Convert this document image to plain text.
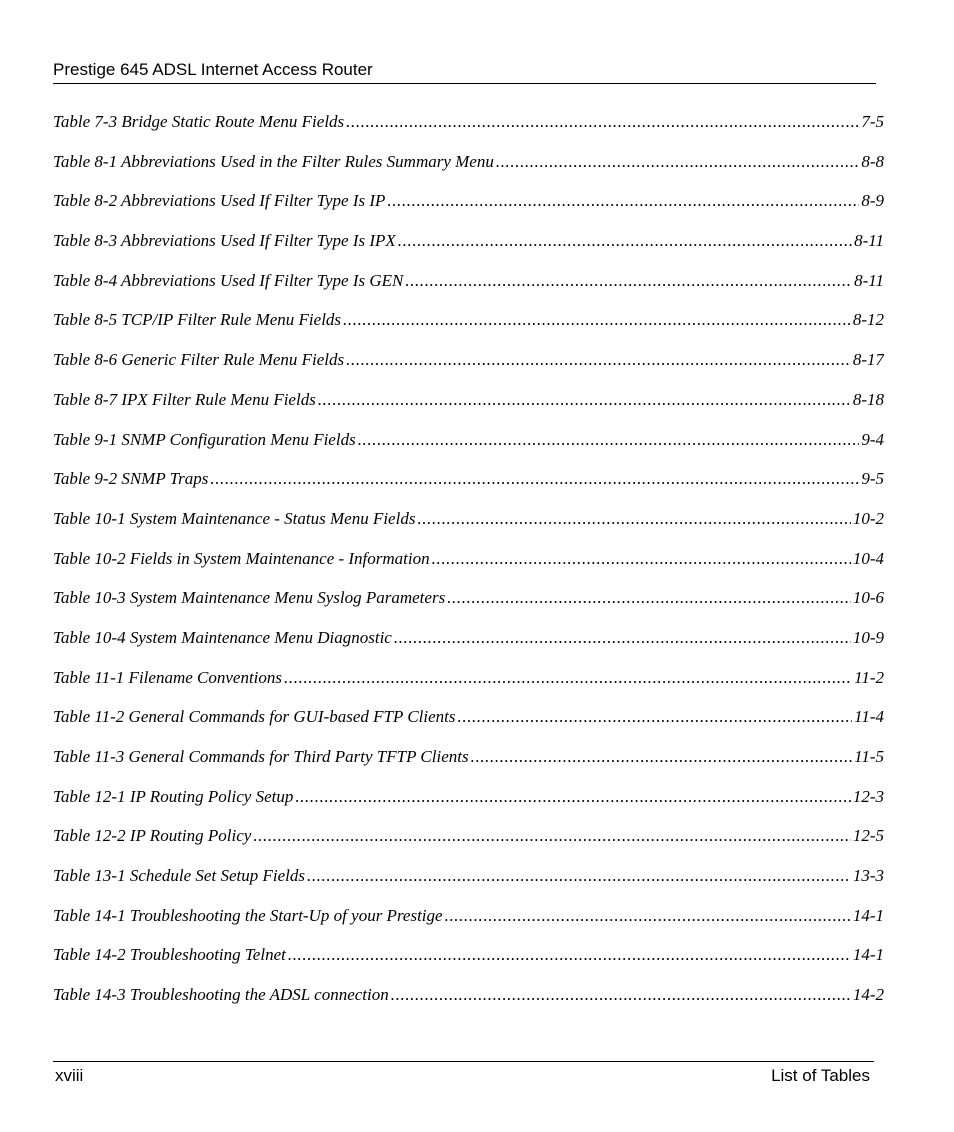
Prestige 645 ADSL Internet Access Router
Table 7-3 Bridge Static Route Menu Fields .....	7-5
Table 8-1 Abbreviations Used in the Filter Rules Summary Menu .....	8-8
Table 8-2 Abbreviations Used If Filter Type Is IP .....	8-9
Table 8-3 Abbreviations Used If Filter Type Is IPX .....	8-11
Table 8-4 Abbreviations Used If Filter Type Is GEN .....	8-11
Table 8-5 TCP/IP Filter Rule Menu Fields .....	8-12
Table 8-6 Generic Filter Rule Menu Fields .....	8-17
Table 8-7 IPX Filter Rule Menu Fields .....	8-18
Table 9-1 SNMP Configuration Menu Fields .....	9-4
Table 9-2 SNMP Traps .....	9-5
Table 10-1 System Maintenance - Status Menu Fields .....	10-2
Table 10-2 Fields in System Maintenance - Information .....	10-4
Table 10-3 System Maintenance Menu Syslog Parameters .....	10-6
Table 10-4 System Maintenance Menu Diagnostic .....	10-9
Table 11-1 Filename Conventions .....	11-2
Table 11-2 General Commands for GUI-based FTP Clients .....	11-4
Table 11-3 General Commands for Third Party TFTP Clients .....	11-5
Table 12-1 IP Routing Policy Setup .....	12-3
Table 12-2 IP Routing Policy .....	12-5
Table 13-1 Schedule Set Setup Fields .....	13-3
Table 14-1 Troubleshooting the Start-Up of your Prestige .....	14-1
Table 14-2 Troubleshooting Telnet .....	14-1
Table 14-3 Troubleshooting the ADSL connection .....	14-2
xviii	List of Tables
